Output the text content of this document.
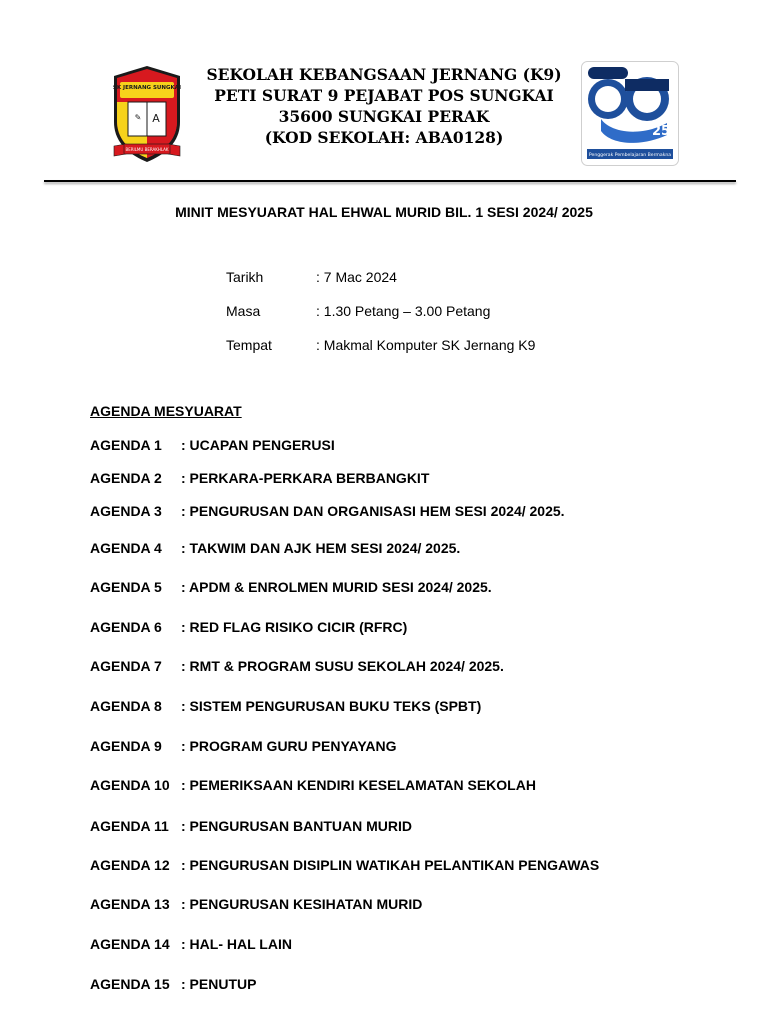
✎ A
SK JERNANG SUNGKAI
BERILMU BERAKHLAK
SEKOLAH KEBANGSAAN JERNANG (K9)
PETI SURAT 9 PEJABAT POS SUNGKAI
35600 SUNGKAI PERAK
(KOD SEKOLAH: ABA0128)	25
Penggerak Pembelajaran Bermakna
MINIT MESYUARAT HAL EHWAL MURID BIL. 1 SESI 2024/ 2025
Tarikh	: 7 Mac 2024
Masa	: 1.30 Petang – 3.00 Petang
Tempat	: Makmal Komputer SK Jernang K9
AGENDA MESYUARAT
AGENDA 1	: UCAPAN PENGERUSI
AGENDA 2	: PERKARA-PERKARA BERBANGKIT
AGENDA 3	: PENGURUSAN DAN ORGANISASI HEM SESI 2024/ 2025.
AGENDA 4	: TAKWIM DAN AJK HEM SESI 2024/ 2025.
AGENDA 5	: APDM & ENROLMEN MURID SESI 2024/ 2025.
AGENDA 6	: RED FLAG RISIKO CICIR (RFRC)
AGENDA 7	: RMT & PROGRAM SUSU SEKOLAH 2024/ 2025.
AGENDA 8	: SISTEM PENGURUSAN BUKU TEKS (SPBT)
AGENDA 9	: PROGRAM GURU PENYAYANG
AGENDA 10 : PEMERIKSAAN KENDIRI KESELAMATAN SEKOLAH
AGENDA 11 : PENGURUSAN BANTUAN MURID
AGENDA 12 : PENGURUSAN DISIPLIN WATIKAH PELANTIKAN PENGAWAS
AGENDA 13 : PENGURUSAN KESIHATAN MURID
AGENDA 14 : HAL- HAL LAIN
AGENDA 15 : PENUTUP
